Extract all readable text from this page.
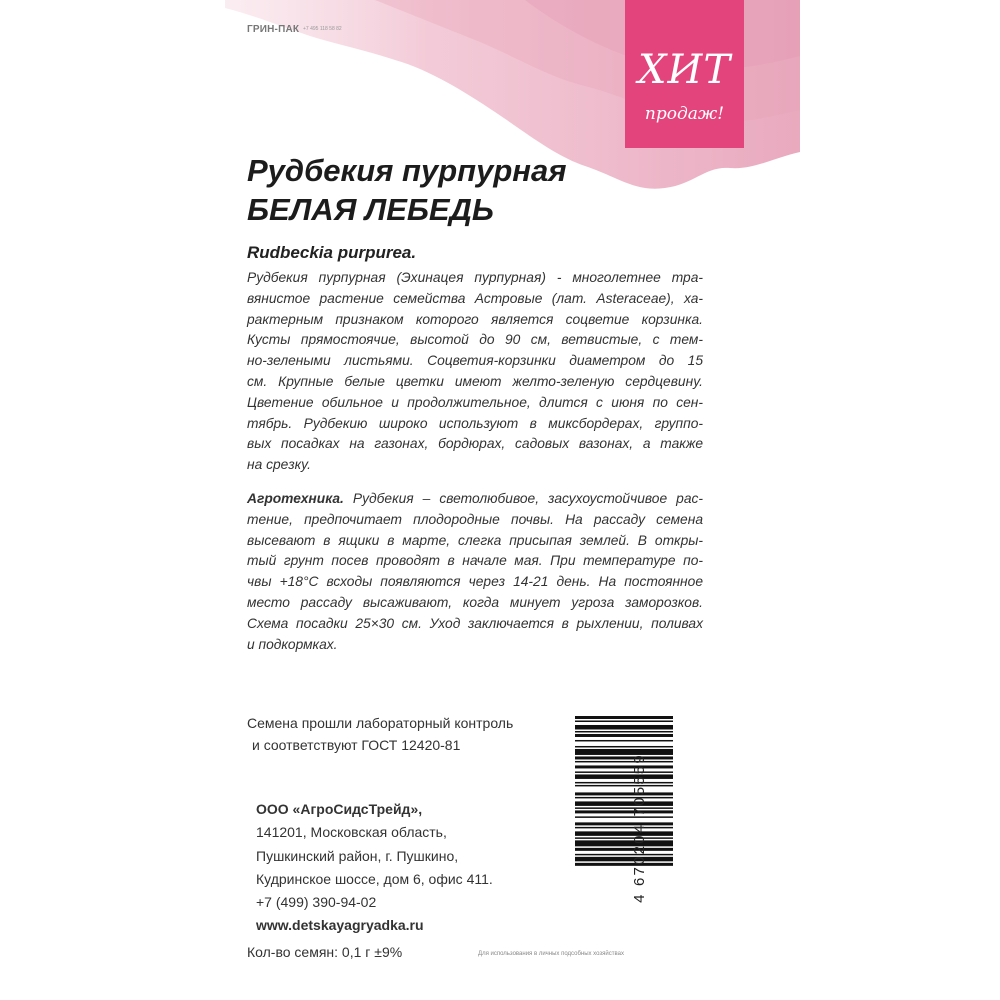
ГРИН-ПАК +7 495 118 58 82
ХИТ
продаж!
Рудбекия пурпурная
БЕЛАЯ ЛЕБЕДЬ
Rudbeckia purpurea.
Рудбекия пурпурная (Эхинацея пурпурная) - многолетнее тра-
вянистое растение семейства Астровые (лат. Asteraceae), ха-
рактерным признаком которого является соцветие корзинка.
Кусты прямостоячие, высотой до 90 см, ветвистые, с тем-
но-зелеными листьями. Соцветия-корзинки диаметром до 15
см. Крупные белые цветки имеют желто-зеленую сердцевину.
Цветение обильное и продолжительное, длится с июня по сен-
тябрь. Рудбекию широко используют в миксбордерах, группо-
вых посадках на газонах, бордюрах, садовых вазонах, а также
на срезку.
Агротехника. Рудбекия – светолюбивое, засухоустойчивое рас-
тение, предпочитает плодородные почвы. На рассаду семена
высевают в ящики в марте, слегка присыпая землей. В откры-
тый грунт посев проводят в начале мая. При температуре по-
чвы +18°С всходы появляются через 14-21 день. На постоянное
место рассаду высаживают, когда минует угроза заморозков.
Схема посадки 25×30 см. Уход заключается в рыхлении, поливах
и подкормках.
Семена прошли лабораторный контроль
и соответствуют ГОСТ 12420-81
ООО «АгроСидсТрейд»,
141201, Московская область,
Пушкинский район, г. Пушкино,
Кудринское шоссе, дом 6, офис 411.
+7 (499) 390-94-02
www.detskayagryadka.ru
Кол-во семян: 0,1 г ±9%	Для использования в личных подсобных хозяйствах
4 670204 705559
